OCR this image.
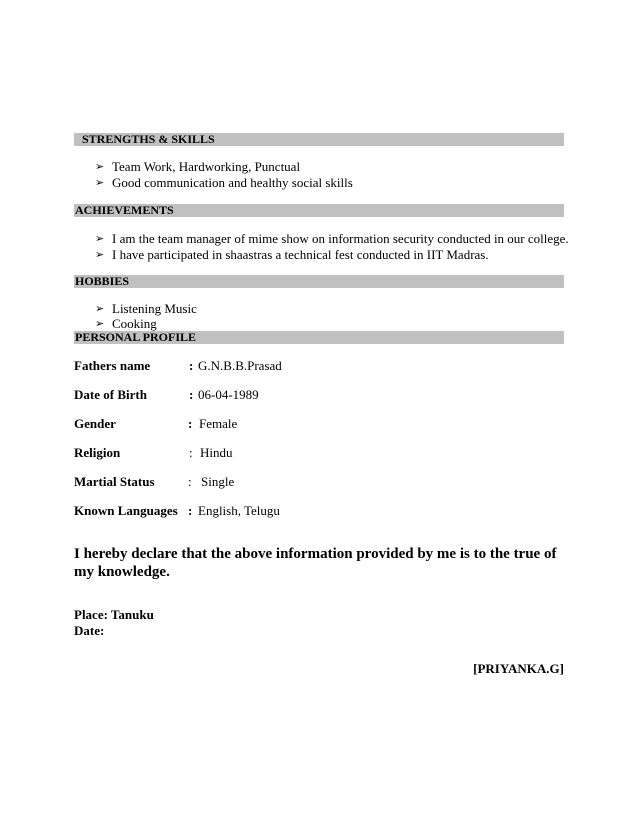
STRENGTHS & SKILLS
➢ Team Work, Hardworking, Punctual
➢ Good communication and healthy social skills
ACHIEVEMENTS
➢ I am the team manager of mime show on information security conducted in our college.
➢ I have participated in shaastras a technical fest conducted in IIT Madras.
HOBBIES
➢ Listening Music
➢ Cooking
PERSONAL PROFILE
Fathers name	: G.N.B.B.Prasad
Date of Birth	: 06-04-1989
Gender	: Female
Religion	: Hindu
Martial Status	: Single
Known Languages : English, Telugu
I hereby declare that the above information provided by me is to the true of my knowledge.
Place: Tanuku
Date:
[PRIYANKA.G]
